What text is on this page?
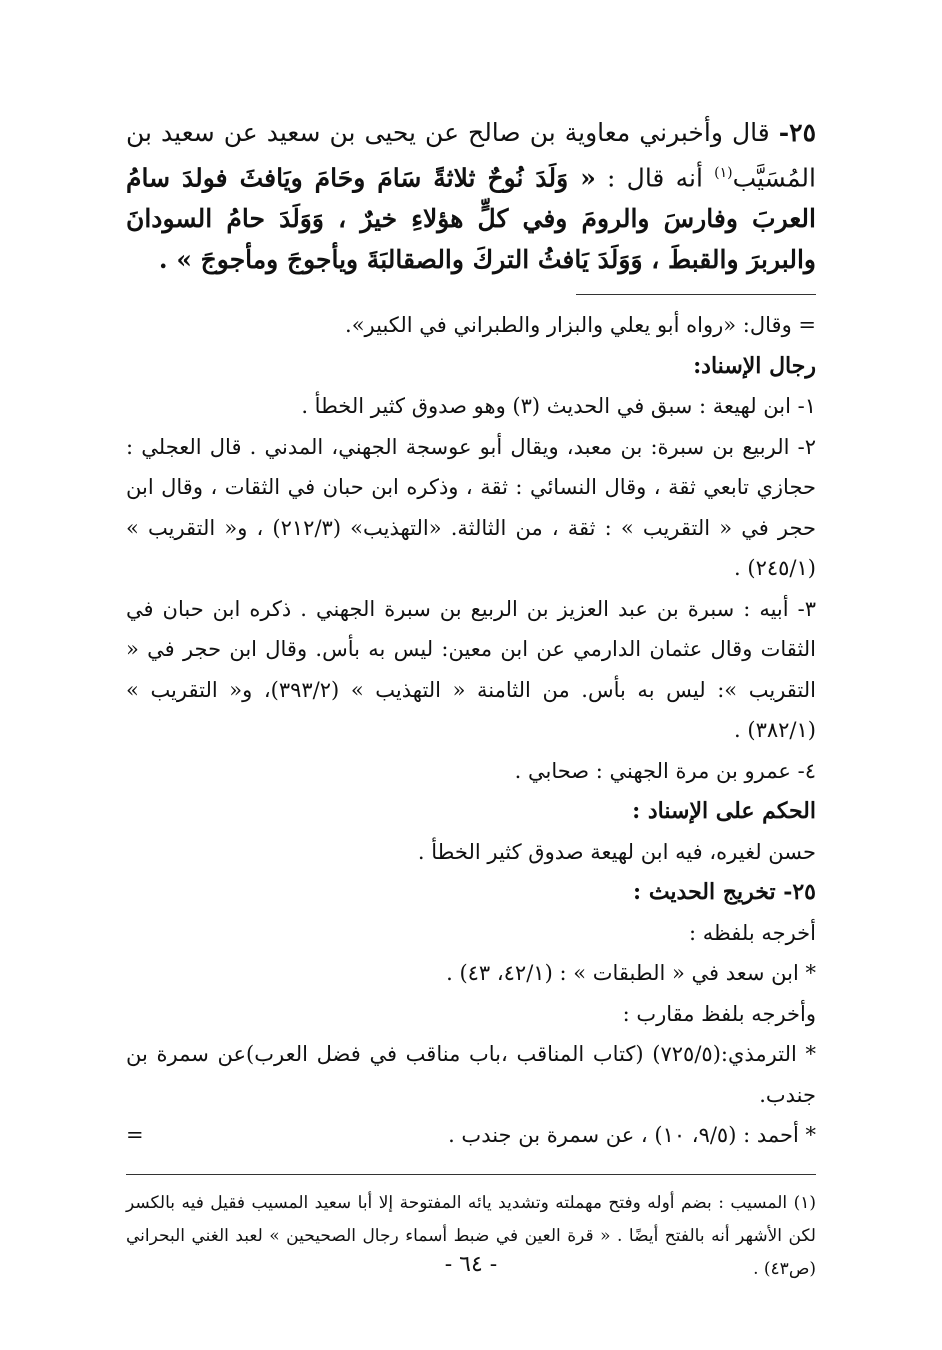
٢٥- قال وأخبرني معاوية بن صالح عن يحيى بن سعيد عن سعيد بن المُسَيَّب$^{(١)}$ أنه قال : « وَلَدَ نُوحٌ ثلاثةً سَامَ وحَامَ ويَافثَ فولدَ سامُ العربَ وفارسَ والرومَ وفي كلٍّ هؤلاءِ خيرٌ ، وَوَلَدَ حامُ السودانَ والبربرَ والقبطَ ، وَوَلَدَ يَافثُ التركَ والصقالبَةَ ويأجوجَ ومأجوجَ » .

= وقال: «رواه أبو يعلي والبزار والطبراني في الكبير».

رجال الإسناد:

١- ابن لهيعة : سبق في الحديث (٣) وهو صدوق كثير الخطأ .

٢- الربيع بن سبرة: بن معبد، ويقال أبو عوسجة الجهني، المدني . قال العجلي : حجازي تابعي ثقة ، وقال النسائي : ثقة ، وذكره ابن حبان في الثقات ، وقال ابن حجر في « التقريب » : ثقة ، من الثالثة. «التهذيب» (٢١٢/٣) ، و« التقريب » (٢٤٥/١) .

٣- أبيه : سبرة بن عبد العزيز بن الربيع بن سبرة الجهني . ذكره ابن حبان في الثقات وقال عثمان الدارمي عن ابن معين: ليس به بأس. وقال ابن حجر في « التقريب »: ليس به بأس. من الثامنة « التهذيب » (٣٩٣/٢)، و« التقريب » (٣٨٢/١) .

٤- عمرو بن مرة الجهني : صحابي .

الحكم على الإسناد :

حسن لغيره، فيه ابن لهيعة صدوق كثير الخطأ .

٢٥- تخريج الحديث :

أخرجه بلفظه :

* ابن سعد في « الطبقات » : (٤٢/١، ٤٣) .

وأخرجه بلفظ مقارب :

* الترمذي:(٧٢٥/٥) (كتاب المناقب ،باب مناقب في فضل العرب)عن سمرة بن جندب.

* أحمد : (٩/٥، ١٠) ، عن سمرة بن جندب .
=

(١) المسيب : بضم أوله وفتح مهملته وتشديد يائه المفتوحة إلا أبا سعيد المسيب فقيل فيه بالكسر لكن الأشهر أنه بالفتح أيضًا . « قرة العين في ضبط أسماء رجال الصحيحين » لعبد الغني البحراني (ص٤٣) .

- ٦٤ -
